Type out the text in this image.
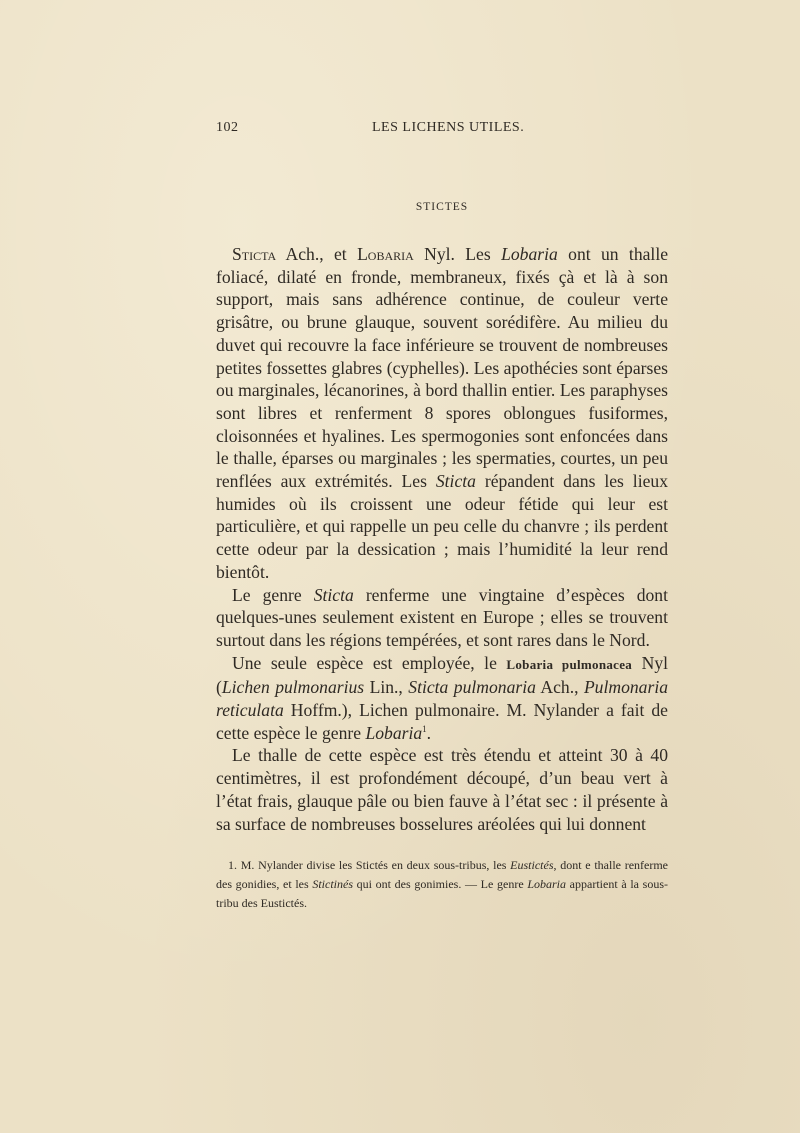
102	LES LICHENS UTILES.
STICTES

Sticta Ach., et Lobaria Nyl. Les Lobaria ont un thalle foliacé, dilaté en fronde, membraneux, fixés çà et là à son support, mais sans adhérence continue, de couleur verte grisâtre, ou brune glauque, souvent sorédifère. Au milieu du duvet qui recouvre la face inférieure se trouvent de nombreuses petites fossettes glabres (cyphelles). Les apothécies sont éparses ou marginales, lécanorines, à bord thallin entier. Les paraphyses sont libres et renferment 8 spores oblongues fusiformes, cloisonnées et hyalines. Les spermogonies sont enfoncées dans le thalle, éparses ou marginales ; les spermaties, courtes, un peu renflées aux extrémités. Les Sticta répandent dans les lieux humides où ils croissent une odeur fétide qui leur est particulière, et qui rappelle un peu celle du chanvre ; ils perdent cette odeur par la dessication ; mais l’humidité la leur rend bientôt.

Le genre Sticta renferme une vingtaine d’espèces dont quelques-unes seulement existent en Europe ; elles se trouvent surtout dans les régions tempérées, et sont rares dans le Nord.

Une seule espèce est employée, le Lobaria pulmonacea Nyl (Lichen pulmonarius Lin., Sticta pulmonaria Ach., Pulmonaria reticulata Hoffm.), Lichen pulmonaire. M. Nylander a fait de cette espèce le genre Lobaria$^1$.

Le thalle de cette espèce est très étendu et atteint 30 à 40 centimètres, il est profondément découpé, d’un beau vert à l’état frais, glauque pâle ou bien fauve à l’état sec : il présente à sa surface de nombreuses bosselures aréolées qui lui donnent

1. M. Nylander divise les Stictés en deux sous-tribus, les Eustictés, dont e thalle renferme des gonidies, et les Stictinés qui ont des gonimies. — Le genre Lobaria appartient à la sous-tribu des Eustictés.
